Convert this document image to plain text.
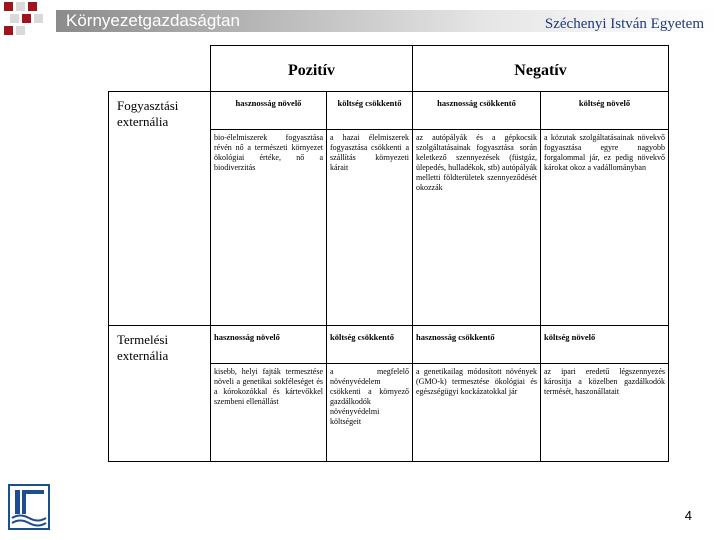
Környezetgazdaságtan	Széchenyi István Egyetem
	Pozitív		Negatív	
Fogyasztási externália	hasznosság növelő	költség csökkentő	hasznosság csökkentő	költség növelő
	bio-élelmiszerek fogyasztása révén nő a természeti környezet ökológiai értéke, nő a biodiverzitás	a hazai élelmiszerek fogyasztása csökkenti a szállítás környezeti kárait	az autópályák és a gépkocsik szolgáltatásainak fogyasztása során keletkező szennyezések (füstgáz, ülepedés, hulladékok, stb) autópályák melletti földterületek szennyeződését okozzák	a közutak szolgáltatásainak növekvő fogyasztása egyre nagyobb forgalommal jár, ez pedig növekvő károkat okoz a vadállományban
Termelési externália	hasznosság növelő	költség csökkentő	hasznosság csökkentő	költség növelő
	kisebb, helyi fajták termesztése növeli a genetikai sokféleséget és a kórokozókkal és kártevőkkel szembeni ellenállást	a megfelelő növényvédelem csökkenti a környező gazdálkodók növényvédelmi költségeit	a genetikailag módosított növények (GMO-k) termesztése ökológiai és egészségügyi kockázatokkal jár	az ipari eredetű légszennyezés károsítja a közelben gazdálkodók termését, haszonállatait
4
